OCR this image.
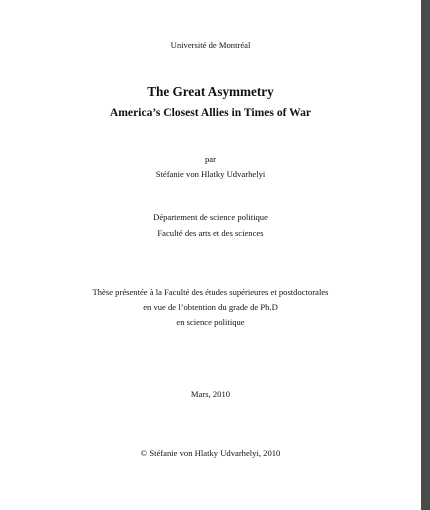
Université de Montréal
The Great Asymmetry
America’s Closest Allies in Times of War
par
Stéfanie von Hlatky Udvarhelyi
Département de science politique
Faculté des arts et des sciences
Thèse présentée à la Faculté des études supérieures et postdoctorales
en vue de l’obtention du grade de Ph.D
en science politique
Mars, 2010
© Stéfanie von Hlatky Udvarhelyi, 2010
